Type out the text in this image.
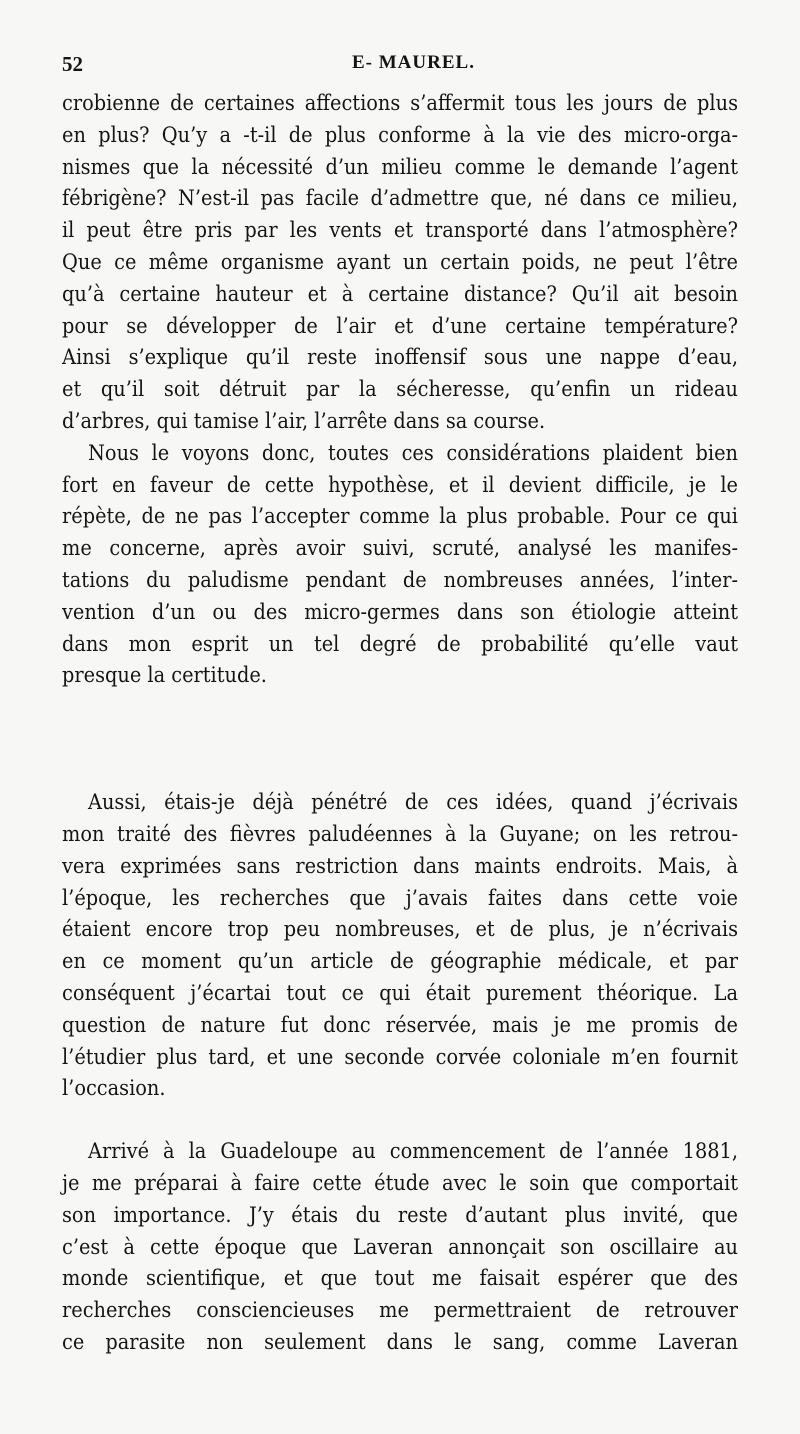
52	E- MAUREL.
crobienne de certaines affections s’affermit tous les jours de plus
en plus? Qu’y a -t-il de plus conforme à la vie des micro-orga-
nismes que la nécessité d’un milieu comme le demande l’agent
fébrigène? N’est-il pas facile d’admettre que, né dans ce milieu,
il peut être pris par les vents et transporté dans l’atmosphère?
Que ce même organisme ayant un certain poids, ne peut l’être
qu’à certaine hauteur et à certaine distance? Qu’il ait besoin
pour se développer de l’air et d’une certaine température?
Ainsi s’explique qu’il reste inoffensif sous une nappe d’eau,
et qu’il soit détruit par la sécheresse, qu’enfin un rideau
d’arbres, qui tamise l’air, l’arrête dans sa course.
Nous le voyons donc, toutes ces considérations plaident bien
fort en faveur de cette hypothèse, et il devient difficile, je le
répète, de ne pas l’accepter comme la plus probable. Pour ce qui
me concerne, après avoir suivi, scruté, analysé les manifes-
tations du paludisme pendant de nombreuses années, l’inter-
vention d’un ou des micro-germes dans son étiologie atteint
dans mon esprit un tel degré de probabilité qu’elle vaut
presque la certitude.
Aussi, étais-je déjà pénétré de ces idées, quand j’écrivais
mon traité des fièvres paludéennes à la Guyane; on les retrou-
vera exprimées sans restriction dans maints endroits. Mais, à
l’époque, les recherches que j’avais faites dans cette voie
étaient encore trop peu nombreuses, et de plus, je n’écrivais
en ce moment qu’un article de géographie médicale, et par
conséquent j’écartai tout ce qui était purement théorique. La
question de nature fut donc réservée, mais je me promis de
l’étudier plus tard, et une seconde corvée coloniale m’en fournit
l’occasion.
Arrivé à la Guadeloupe au commencement de l’année 1881,
je me préparai à faire cette étude avec le soin que comportait
son importance. J’y étais du reste d’autant plus invité, que
c’est à cette époque que Laveran annonçait son oscillaire au
monde scientifique, et que tout me faisait espérer que des
recherches consciencieuses me permettraient de retrouver
ce parasite non seulement dans le sang, comme Laveran
